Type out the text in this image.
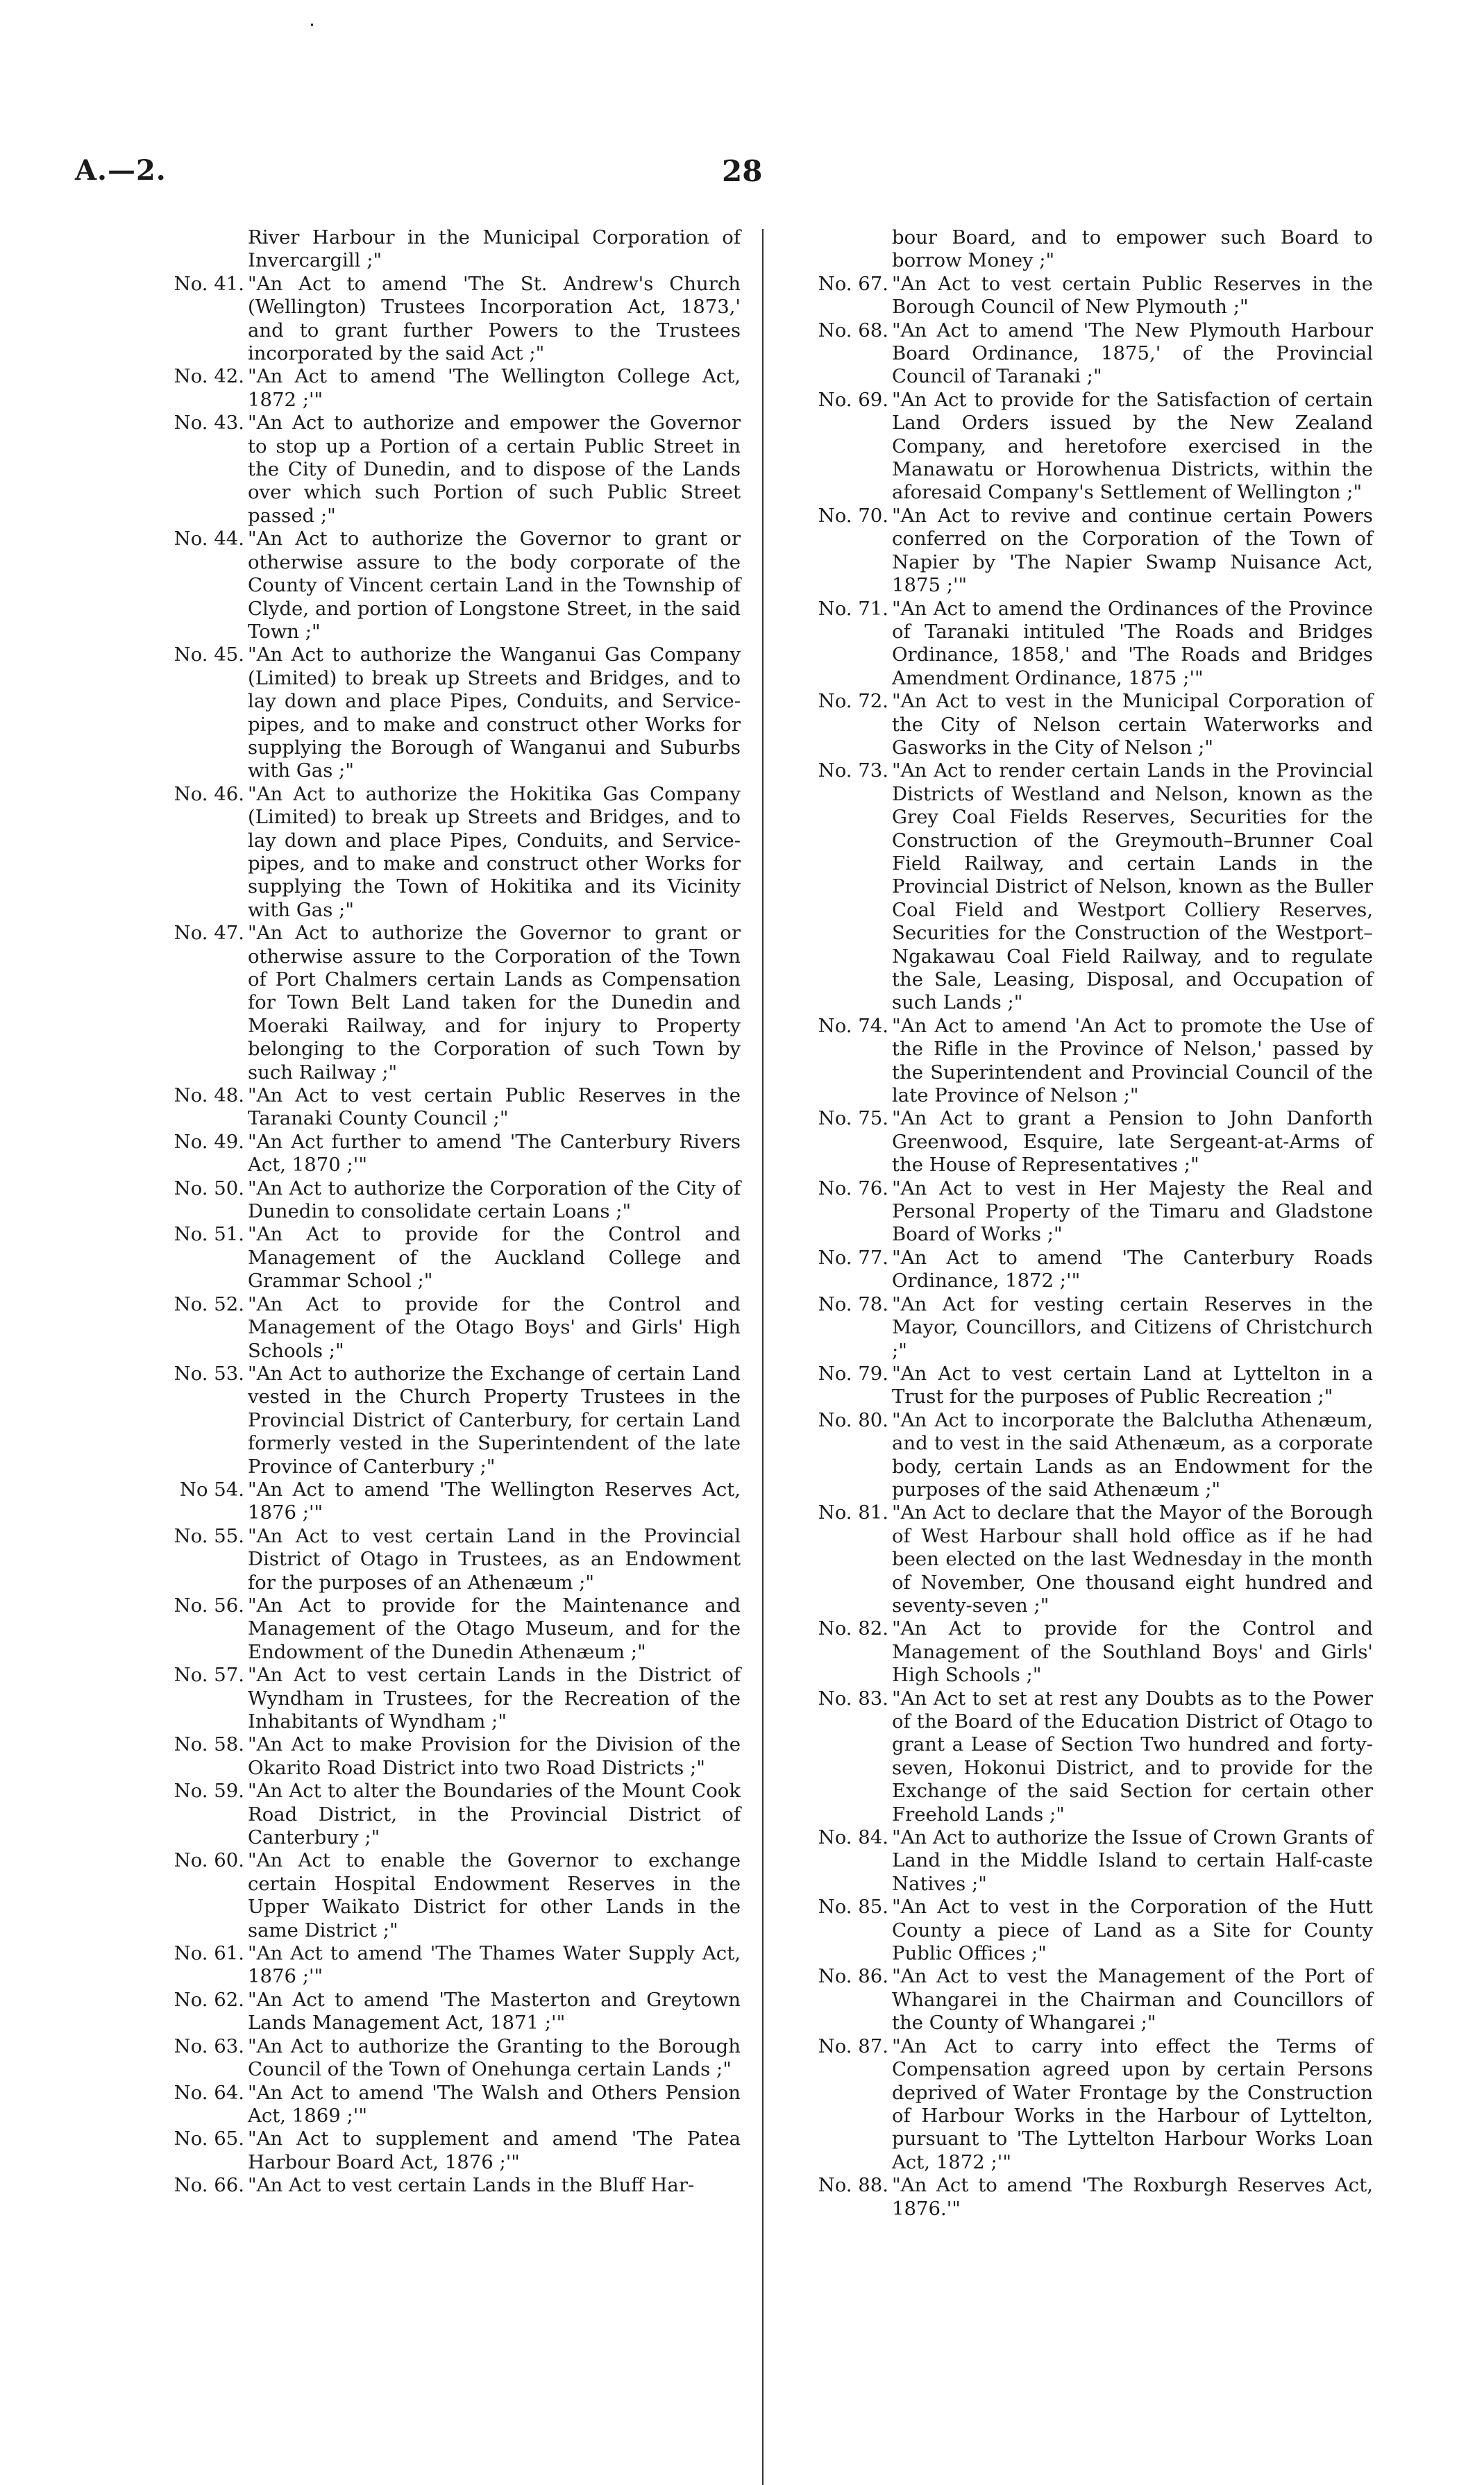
A.—2.	28
River Harbour in the Municipal Corporation of Invercargill ;"
No. 41. "An Act to amend 'The St. Andrew's Church (Wellington) Trustees Incorporation Act, 1873,' and to grant further Powers to the Trustees incorporated by the said Act ;"
No. 42. "An Act to amend 'The Wellington College Act, 1872 ;'"
No. 43. "An Act to authorize and empower the Governor to stop up a Portion of a certain Public Street in the City of Dunedin, and to dispose of the Lands over which such Portion of such Public Street passed ;"
No. 44. "An Act to authorize the Governor to grant or otherwise assure to the body corporate of the County of Vincent certain Land in the Township of Clyde, and portion of Longstone Street, in the said Town ;"
No. 45. "An Act to authorize the Wanganui Gas Company (Limited) to break up Streets and Bridges, and to lay down and place Pipes, Conduits, and Service-pipes, and to make and construct other Works for supplying the Borough of Wanganui and Suburbs with Gas ;"
No. 46. "An Act to authorize the Hokitika Gas Company (Limited) to break up Streets and Bridges, and to lay down and place Pipes, Conduits, and Service-pipes, and to make and construct other Works for supplying the Town of Hokitika and its Vicinity with Gas ;"
No. 47. "An Act to authorize the Governor to grant or otherwise assure to the Corporation of the Town of Port Chalmers certain Lands as Compensation for Town Belt Land taken for the Dunedin and Moeraki Railway, and for injury to Property belonging to the Corporation of such Town by such Railway ;"
No. 48. "An Act to vest certain Public Reserves in the Taranaki County Council ;"
No. 49. "An Act further to amend 'The Canterbury Rivers Act, 1870 ;'"
No. 50. "An Act to authorize the Corporation of the City of Dunedin to consolidate certain Loans ;"
No. 51. "An Act to provide for the Control and Management of the Auckland College and Grammar School ;"
No. 52. "An Act to provide for the Control and Management of the Otago Boys' and Girls' High Schools ;"
No. 53. "An Act to authorize the Exchange of certain Land vested in the Church Property Trustees in the Provincial District of Canterbury, for certain Land formerly vested in the Superintendent of the late Province of Canterbury ;"
No 54. "An Act to amend 'The Wellington Reserves Act, 1876 ;'"
No. 55. "An Act to vest certain Land in the Provincial District of Otago in Trustees, as an Endowment for the purposes of an Athenæum ;"
No. 56. "An Act to provide for the Maintenance and Management of the Otago Museum, and for the Endowment of the Dunedin Athenæum ;"
No. 57. "An Act to vest certain Lands in the District of Wyndham in Trustees, for the Recreation of the Inhabitants of Wyndham ;"
No. 58. "An Act to make Provision for the Division of the Okarito Road District into two Road Districts ;"
No. 59. "An Act to alter the Boundaries of the Mount Cook Road District, in the Provincial District of Canterbury ;"
No. 60. "An Act to enable the Governor to exchange certain Hospital Endowment Reserves in the Upper Waikato District for other Lands in the same District ;"
No. 61. "An Act to amend 'The Thames Water Supply Act, 1876 ;'"
No. 62. "An Act to amend 'The Masterton and Greytown Lands Management Act, 1871 ;'"
No. 63. "An Act to authorize the Granting to the Borough Council of the Town of Onehunga certain Lands ;"
No. 64. "An Act to amend 'The Walsh and Others Pension Act, 1869 ;'"
No. 65. "An Act to supplement and amend 'The Patea Harbour Board Act, 1876 ;'"
No. 66. "An Act to vest certain Lands in the Bluff Har-
bour Board, and to empower such Board to borrow Money ;"
No. 67. "An Act to vest certain Public Reserves in the Borough Council of New Plymouth ;"
No. 68. "An Act to amend 'The New Plymouth Harbour Board Ordinance, 1875,' of the Provincial Council of Taranaki ;"
No. 69. "An Act to provide for the Satisfaction of certain Land Orders issued by the New Zealand Company, and heretofore exercised in the Manawatu or Horowhenua Districts, within the aforesaid Company's Settlement of Wellington ;"
No. 70. "An Act to revive and continue certain Powers conferred on the Corporation of the Town of Napier by 'The Napier Swamp Nuisance Act, 1875 ;'"
No. 71. "An Act to amend the Ordinances of the Province of Taranaki intituled 'The Roads and Bridges Ordinance, 1858,' and 'The Roads and Bridges Amendment Ordinance, 1875 ;'"
No. 72. "An Act to vest in the Municipal Corporation of the City of Nelson certain Waterworks and Gasworks in the City of Nelson ;"
No. 73. "An Act to render certain Lands in the Provincial Districts of Westland and Nelson, known as the Grey Coal Fields Reserves, Securities for the Construction of the Greymouth–Brunner Coal Field Railway, and certain Lands in the Provincial District of Nelson, known as the Buller Coal Field and Westport Colliery Reserves, Securities for the Construction of the Westport–Ngakawau Coal Field Railway, and to regulate the Sale, Leasing, Disposal, and Occupation of such Lands ;"
No. 74. "An Act to amend 'An Act to promote the Use of the Rifle in the Province of Nelson,' passed by the Superintendent and Provincial Council of the late Province of Nelson ;"
No. 75. "An Act to grant a Pension to John Danforth Greenwood, Esquire, late Sergeant-at-Arms of the House of Representatives ;"
No. 76. "An Act to vest in Her Majesty the Real and Personal Property of the Timaru and Gladstone Board of Works ;"
No. 77. "An Act to amend 'The Canterbury Roads Ordinance, 1872 ;'"
No. 78. "An Act for vesting certain Reserves in the Mayor, Councillors, and Citizens of Christchurch ;"
No. 79. "An Act to vest certain Land at Lyttelton in a Trust for the purposes of Public Recreation ;"
No. 80. "An Act to incorporate the Balclutha Athenæum, and to vest in the said Athenæum, as a corporate body, certain Lands as an Endowment for the purposes of the said Athenæum ;"
No. 81. "An Act to declare that the Mayor of the Borough of West Harbour shall hold office as if he had been elected on the last Wednesday in the month of November, One thousand eight hundred and seventy-seven ;"
No. 82. "An Act to provide for the Control and Management of the Southland Boys' and Girls' High Schools ;"
No. 83. "An Act to set at rest any Doubts as to the Power of the Board of the Education District of Otago to grant a Lease of Section Two hundred and forty-seven, Hokonui District, and to provide for the Exchange of the said Section for certain other Freehold Lands ;"
No. 84. "An Act to authorize the Issue of Crown Grants of Land in the Middle Island to certain Half-caste Natives ;"
No. 85. "An Act to vest in the Corporation of the Hutt County a piece of Land as a Site for County Public Offices ;"
No. 86. "An Act to vest the Management of the Port of Whangarei in the Chairman and Councillors of the County of Whangarei ;"
No. 87. "An Act to carry into effect the Terms of Compensation agreed upon by certain Persons deprived of Water Frontage by the Construction of Harbour Works in the Harbour of Lyttelton, pursuant to 'The Lyttelton Harbour Works Loan Act, 1872 ;'"
No. 88. "An Act to amend 'The Roxburgh Reserves Act, 1876.'"
